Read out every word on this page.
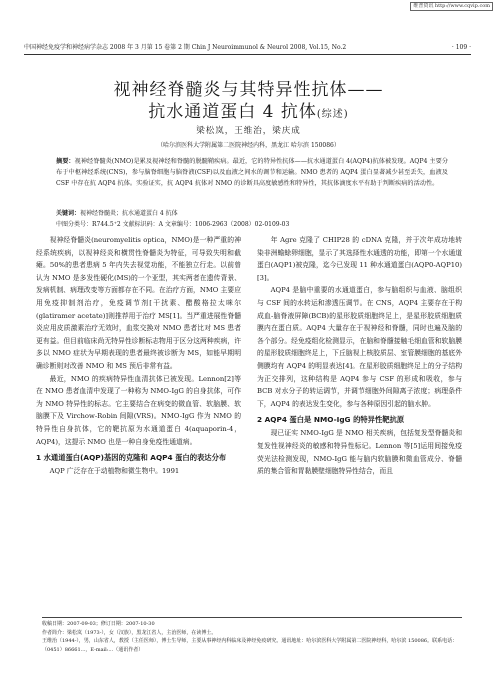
维普资讯 http://www.cqvip.com
中国神经免疫学和神经病学杂志 2008 年 3 月第 15 卷第 2 期 Chin J Neuroimmunol & Neurol 2008, Vol.15, No.2	· 109 ·
视神经脊髓炎与其特异性抗体——
抗水通道蛋白 4 抗体(综述)
梁松岚，王维治，梁庆成
（哈尔滨医科大学附属第二医院神经内科，黑龙江 哈尔滨 150086）
摘要：视神经脊髓炎(NMO)是累及视神经和脊髓的脱髓鞘疾病。最近，它的特异性抗体——抗水通道蛋白 4(AQP4)抗体被发现。AQP4 主要分布于中枢神经系统(CNS)，参与脑脊细胞与脑脊液(CSF)以及血液之间水的调节和运输。NMO 患者的 AQP4 蛋白显著减少甚至丢失，血液及 CSF 中存在抗 AQP4 抗体。实验证实，抗 AQP4 抗体对 NMO 的诊断具高度敏感性和特异性，其抗体滴度水平有助于判断疾病的活动性。
关键词：视神经脊髓炎；抗水通道蛋白 4 抗体
中图分类号：R744.5⁺2 文献标识码：A 文章编号：1006-2963（2008）02-0109-03

视神经脊髓炎(neuromyelitis optica，NMO)是一种严重的神经系统疾病，以视神经炎和横贯性脊髓炎为特征，可导致失明和截瘫。50%的患者患病 5 年内失去视觉功能，不能独立行走。以前曾认为 NMO 是多发性硬化(MS)的一个亚型，其实两者在遗传背景、发病机制、病理改变等方面都存在不同。在治疗方面，NMO 主要应用免疫抑制剂治疗，免疫调节剂[干扰素、醋酸格拉太咪尔(glatiramer acetate)]则推荐用于治疗 MS[1]。当严重进展性脊髓炎应用皮质激素治疗无效时，血浆交换对 NMO 患者比对 MS 患者更有益。但目前临床尚无特异性诊断标志物用于区分这两种疾病，许多以 NMO 症状为早期表现的患者最终被诊断为 MS，如能早期明确诊断则对改善 NMO 和 MS 预后非常有益。

最近，NMO 的疾病特异性血清抗体已被发现。Lennon[2]等在 NMO 患者血清中发现了一种称为 NMO-IgG 的自身抗体，可作为 NMO 特异性的标志。它主要结合在病变的微血管、软脑膜、软脑膜下及 Virchow-Robin 间隙(VRS)。NMO-IgG 作为 NMO 的特异性自身抗体，它的靶抗原为水通道蛋白 4(aquaporin-4，AQP4)，这提示 NMO 也是一种自身免疫性通道病。

1 水通道蛋白(AQP)基因的克隆和 AQP4 蛋白的表达分布

AQP 广泛存在于动植物和微生物中。1991

年 Agre 克隆了 CHIP28 的 cDNA 克隆，并于次年成功地转染非洲蟾蜍卵细胞，显示了其选择性水通透的功能，即第一个水通道蛋白(AQP1)被克隆，迄今已发现 11 种水通道蛋白(AQP0-AQP10)[3]。

AQP4 是脑中重要的水通道蛋白，参与脑组织与血液、脑组织与 CSF 间的水转运和渗透压调节。在 CNS，AQP4 主要存在于构成血-脑脊液屏障(BCB)的星形胶质细胞终足上，是星形胶质细胞质膜内在蛋白质。AQP4 大量存在于视神经和脊髓，同时也遍及脑的各个部分。经免疫组化检测显示，在脑和脊髓接触毛细血管和软脑膜的星形胶质细胞终足上，下丘脑视上核胶质层、室管膜细胞的基底外侧膜均有 AQP4 的明显表达[4]。在星形胶质细胞终足上的分子结构为正交排列，这种结构是 AQP4 参与 CSF 的形成和吸收，参与 BCB 对水分子的转运调节，并调节细胞外间隙离子浓度；病理条件下，AQP4 的表达发生变化，参与各种原因引起的脑水肿。

2 AQP4 蛋白是 NMO-IgG 的特异性靶抗原

现已证实 NMO-IgG 是 NMO 相关疾病，包括复发型脊髓炎和复发性视神经炎的敏感和特异性标记。Lennon 等[5]运用间接免疫荧光法检测发现，NMO-IgG 能与脑内软脑膜和微血管成分、脊髓质的集合管和胃黏膜壁细胞特异性结合，而且

收稿日期：2007-09-03；修订日期：2007-10-30
作者简介：梁松岚（1973-），女（汉族），黑龙江省人，主治医师，在读博士。
王维治（1944-），男，山东省人，教授（主任医师），博士生导师，主要从事神经内科临床及神经免疫研究。通讯地址：哈尔滨医科大学附属第二医院神经科，哈尔滨 150086。联系电话：（0451）86661...，E-mail:...（通讯作者）
